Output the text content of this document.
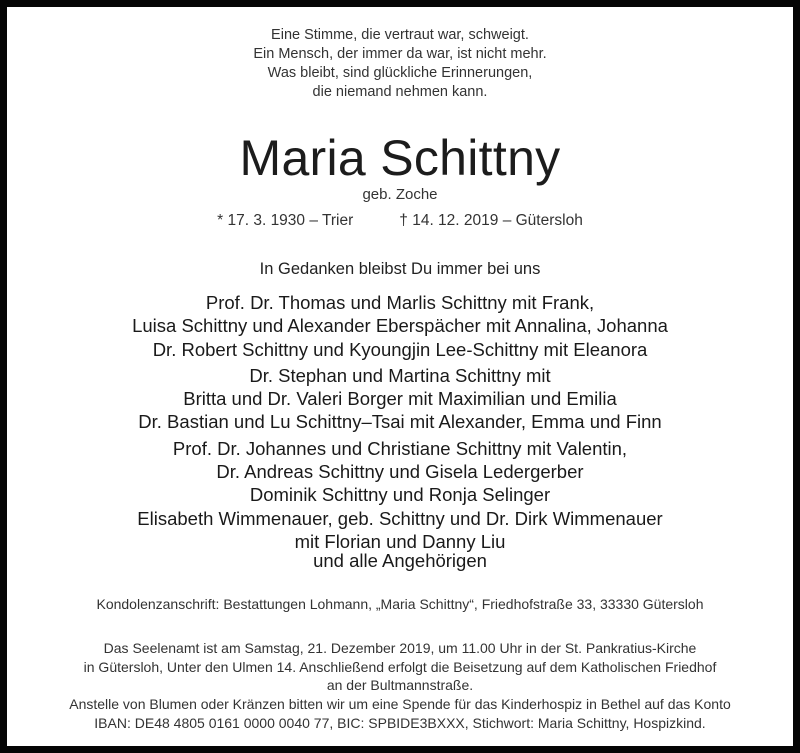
Eine Stimme, die vertraut war, schweigt.
Ein Mensch, der immer da war, ist nicht mehr.
Was bleibt, sind glückliche Erinnerungen,
die niemand nehmen kann.
Maria Schittny
geb. Zoche
* 17. 3. 1930 – Trier	† 14. 12. 2019 – Gütersloh
In Gedanken bleibst Du immer bei uns
Prof. Dr. Thomas und Marlis Schittny mit Frank,
Luisa Schittny und Alexander Eberspächer mit Annalina, Johanna
Dr. Robert Schittny und Kyoungjin Lee-Schittny mit Eleanora
Dr. Stephan und Martina Schittny mit
Britta und Dr. Valeri Borger mit Maximilian und Emilia
Dr. Bastian und Lu Schittny–Tsai mit Alexander, Emma und Finn
Prof. Dr. Johannes und Christiane Schittny mit Valentin,
Dr. Andreas Schittny und Gisela Ledergerber
Dominik Schittny und Ronja Selinger
Elisabeth Wimmenauer, geb. Schittny und Dr. Dirk Wimmenauer
mit Florian und Danny Liu
und alle Angehörigen
Kondolenzanschrift: Bestattungen Lohmann, „Maria Schittny“, Friedhofstraße 33, 33330 Gütersloh
Das Seelenamt ist am Samstag, 21. Dezember 2019, um 11.00 Uhr in der St. Pankratius-Kirche
in Gütersloh, Unter den Ulmen 14. Anschließend erfolgt die Beisetzung auf dem Katholischen Friedhof
an der Bultmannstraße.
Anstelle von Blumen oder Kränzen bitten wir um eine Spende für das Kinderhospiz in Bethel auf das Konto
IBAN: DE48 4805 0161 0000 0040 77, BIC: SPBIDE3BXXX, Stichwort: Maria Schittny, Hospizkind.
